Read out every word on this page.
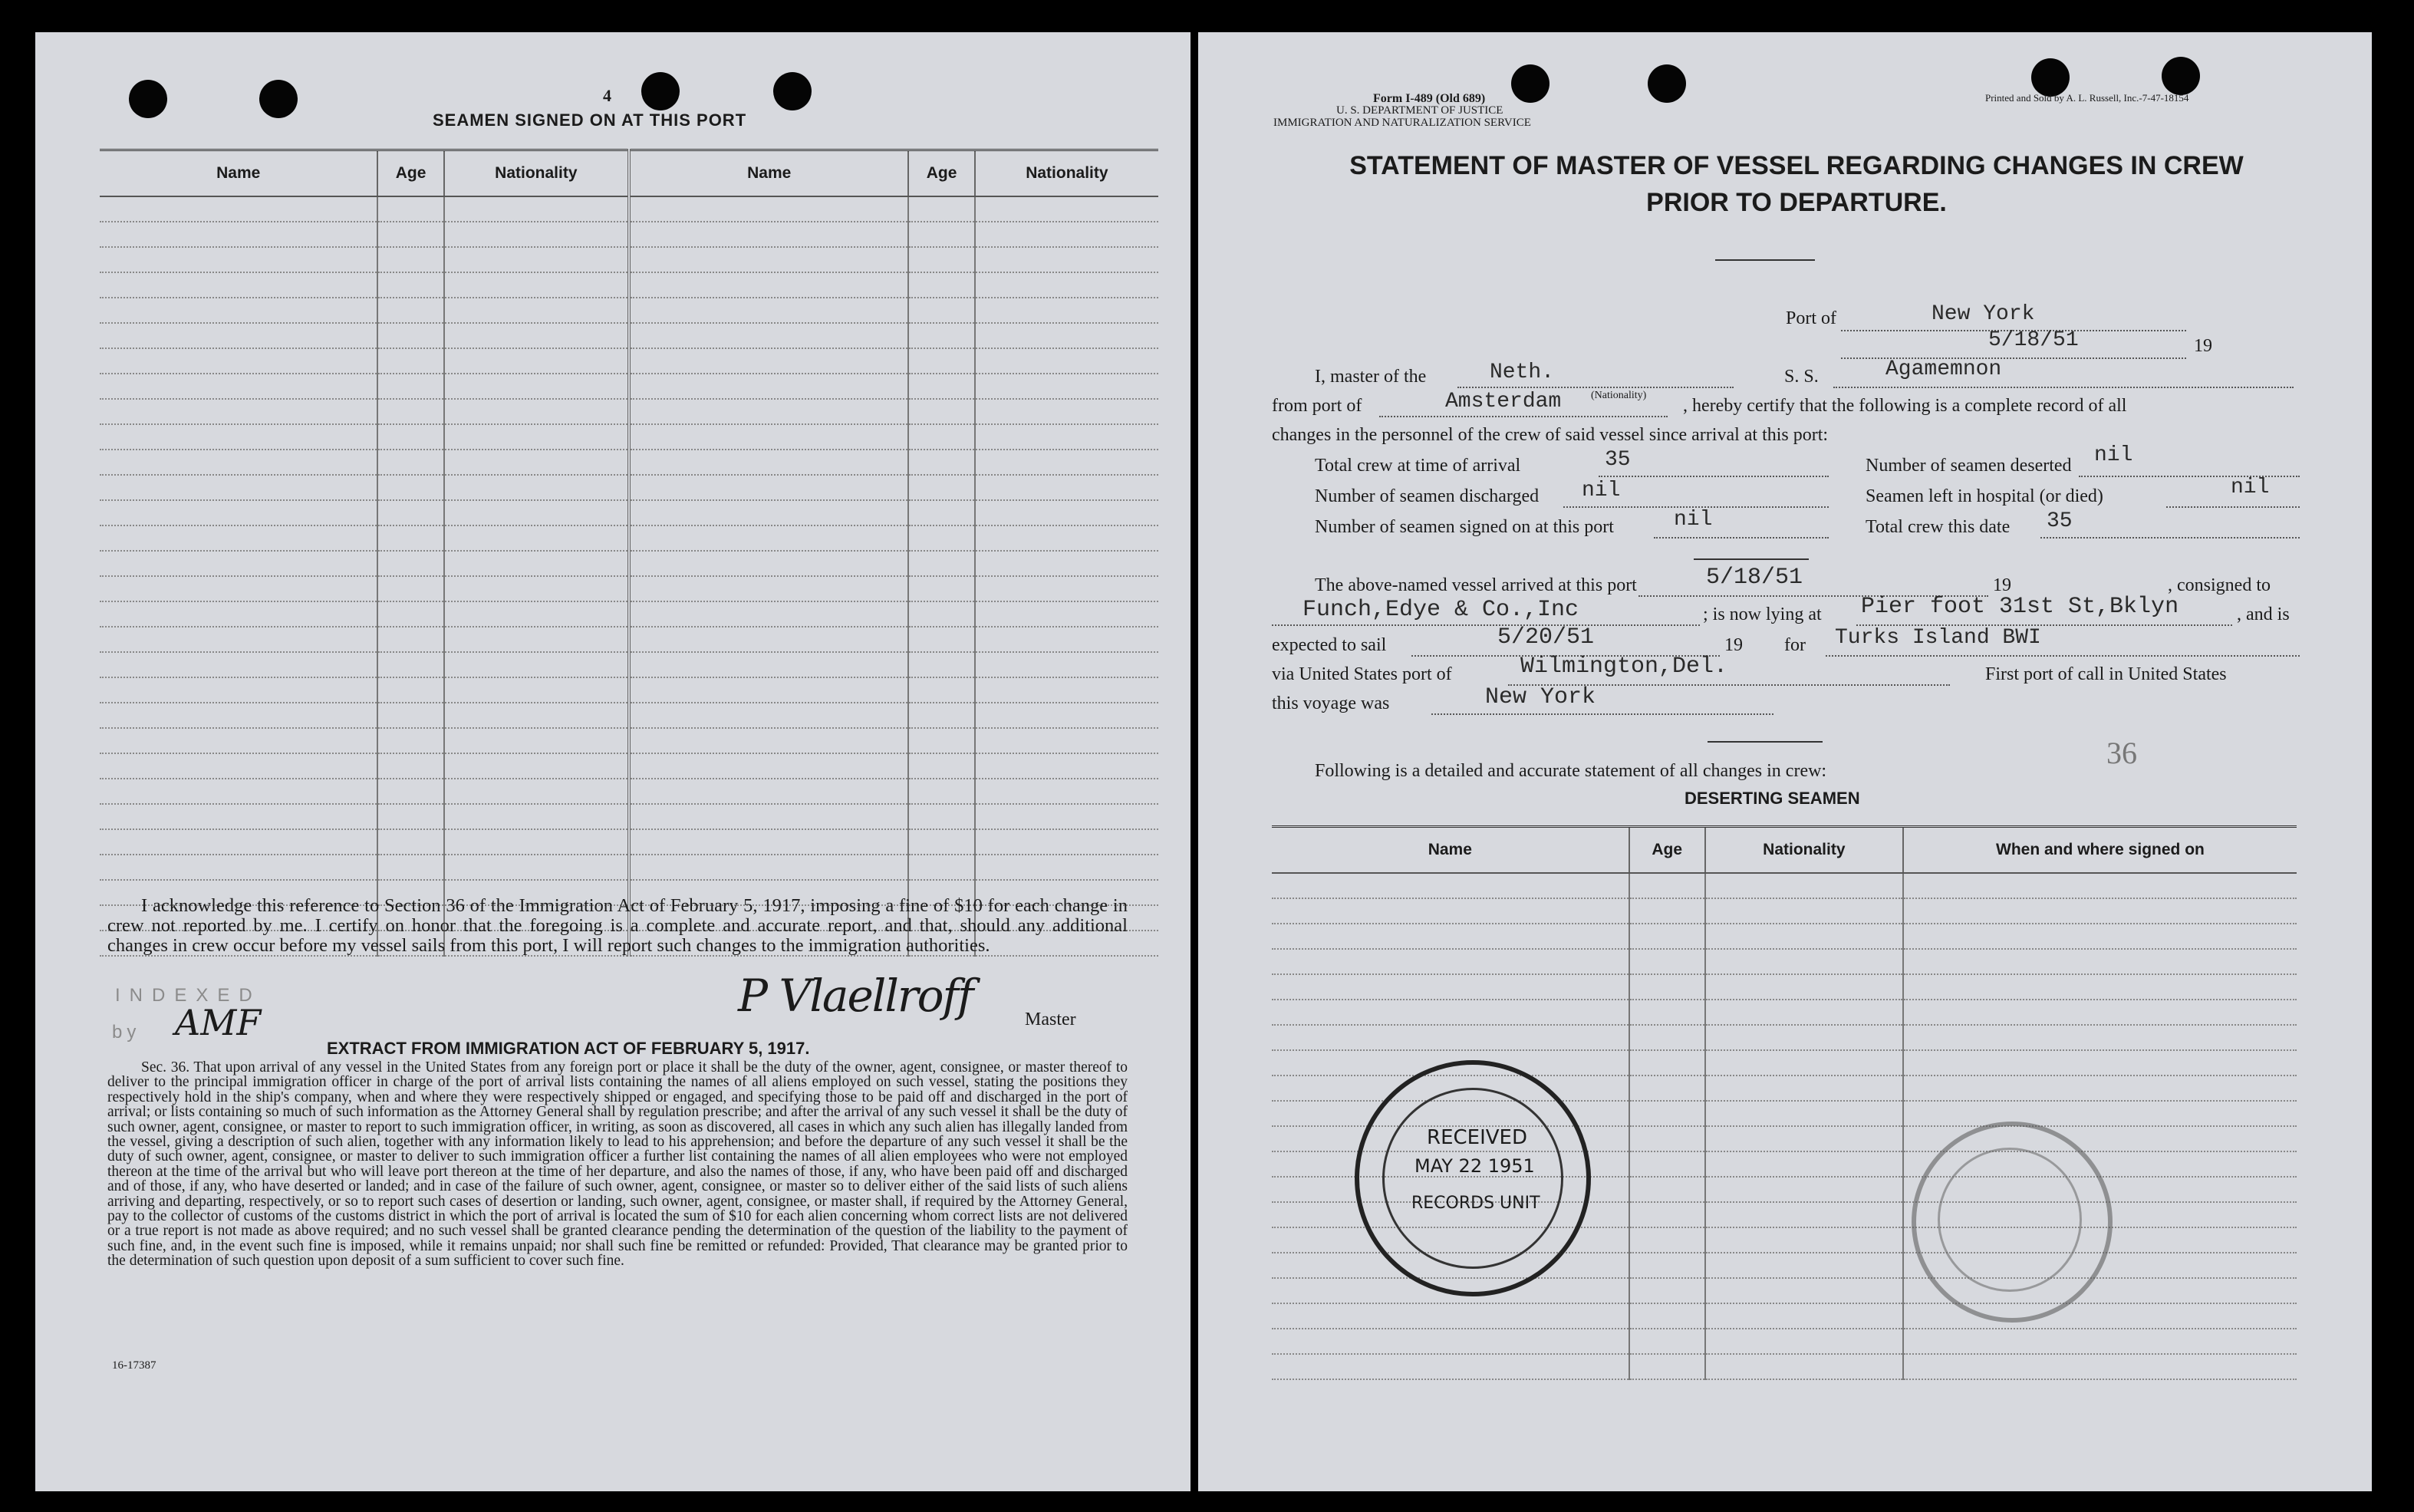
4
SEAMEN SIGNED ON AT THIS PORT
Name	Age	Nationality	Name	Age	Nationality

I acknowledge this reference to Section 36 of the Immigration Act of February 5, 1917, imposing a fine of $10 for each change in crew not reported by me. I certify on honor that the foregoing is a complete and accurate report, and that, should any additional changes in crew occur before my vessel sails from this port, I will report such changes to the immigration authorities.
INDEXED
by AMF
P Vlaellroff	Master
EXTRACT FROM IMMIGRATION ACT OF FEBRUARY 5, 1917.
Sec. 36. That upon arrival of any vessel in the United States from any foreign port or place it shall be the duty of the owner, agent, consignee, or master thereof to deliver to the principal immigration officer in charge of the port of arrival lists containing the names of all aliens employed on such vessel, stating the positions they respectively hold in the ship's company, when and where they were respectively shipped or engaged, and specifying those to be paid off and discharged in the port of arrival; or lists containing so much of such information as the Attorney General shall by regulation prescribe; and after the arrival of any such vessel it shall be the duty of such owner, agent, consignee, or master to report to such immigration officer, in writing, as soon as discovered, all cases in which any such alien has illegally landed from the vessel, giving a description of such alien, together with any information likely to lead to his apprehension; and before the departure of any such vessel it shall be the duty of such owner, agent, consignee, or master to deliver to such immigration officer a further list containing the names of all alien employees who were not employed thereon at the time of the arrival but who will leave port thereon at the time of her departure, and also the names of those, if any, who have been paid off and discharged and of those, if any, who have deserted or landed; and in case of the failure of such owner, agent, consignee, or master so to deliver either of the said lists of such aliens arriving and departing, respectively, or so to report such cases of desertion or landing, such owner, agent, consignee, or master shall, if required by the Attorney General, pay to the collector of customs of the customs district in which the port of arrival is located the sum of $10 for each alien concerning whom correct lists are not delivered or a true report is not made as above required; and no such vessel shall be granted clearance pending the determination of the question of the liability to the payment of such fine, and, in the event such fine is imposed, while it remains unpaid; nor shall such fine be remitted or refunded: Provided, That clearance may be granted prior to the determination of such question upon deposit of a sum sufficient to cover such fine.
16-17387
Form I-489 (Old 689)
U. S. DEPARTMENT OF JUSTICE
IMMIGRATION AND NATURALIZATION SERVICE
Printed and Sold by A. L. Russell, Inc.-7-47-18154
STATEMENT OF MASTER OF VESSEL REGARDING CHANGES IN CREW
PRIOR TO DEPARTURE.
Port of	New York
5/18/51	19
I, master of the	Neth.
(Nationality)
S. S.	Agamemnon
from port of	Amsterdam	, hereby certify that the following is a complete record of all
changes in the personnel of the crew of said vessel since arrival at this port:
Total crew at time of arrival	35	Number of seamen deserted nil
Number of seamen discharged nil	Seamen left in hospital (or died)	nil
Number of seamen signed on at this port	nil	Total crew this date 35
The above-named vessel arrived at this port	5/18/51	19	, consigned to
Funch,Edye & Co.,Inc	; is now lying at Pier foot 31st St,Bklyn	, and is
expected to sail	5/20/51	19 for Turks Island BWI
via United States port of	Wilmington,Del.	First port of call in United States
this voyage was	New York
Following is a detailed and accurate statement of all changes in crew:
36
DESERTING SEAMEN
Name	Age	Nationality	When and where signed on

RECEIVED
MAY 22 1951
RECORDS UNIT
